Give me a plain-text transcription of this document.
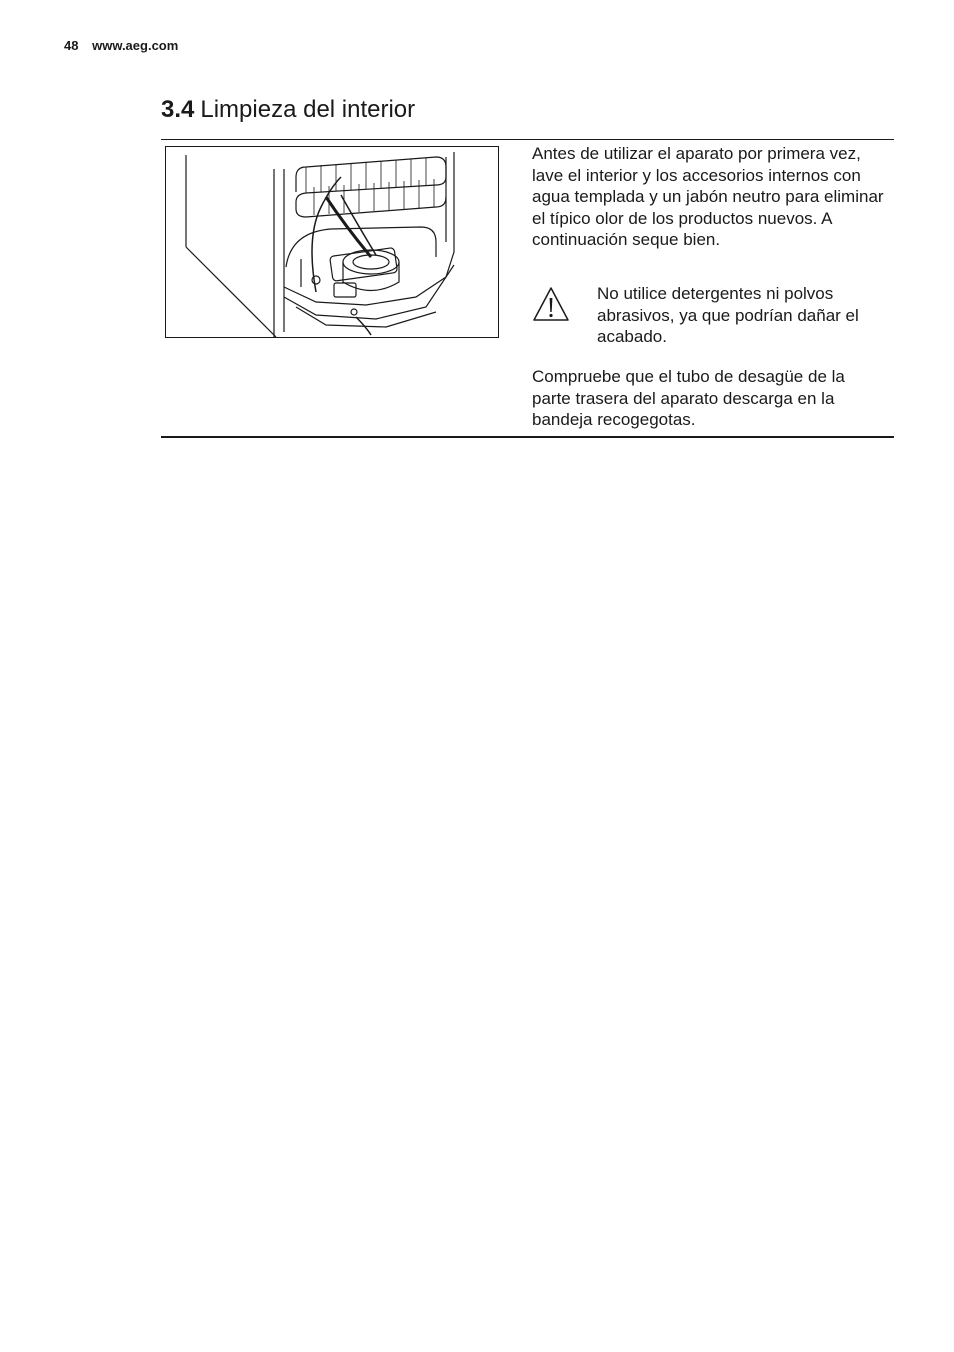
48 www.aeg.com
3.4 Limpieza del interior
Antes de utilizar el aparato por primera vez, lave el interior y los accesorios internos con agua templada y un jabón neutro para eliminar el típico olor de los productos nuevos. A continuación seque bien.
No utilice detergentes ni polvos abrasivos, ya que podrían dañar el acabado.
Compruebe que el tubo de desagüe de la parte trasera del aparato descarga en la bandeja recogegotas.
